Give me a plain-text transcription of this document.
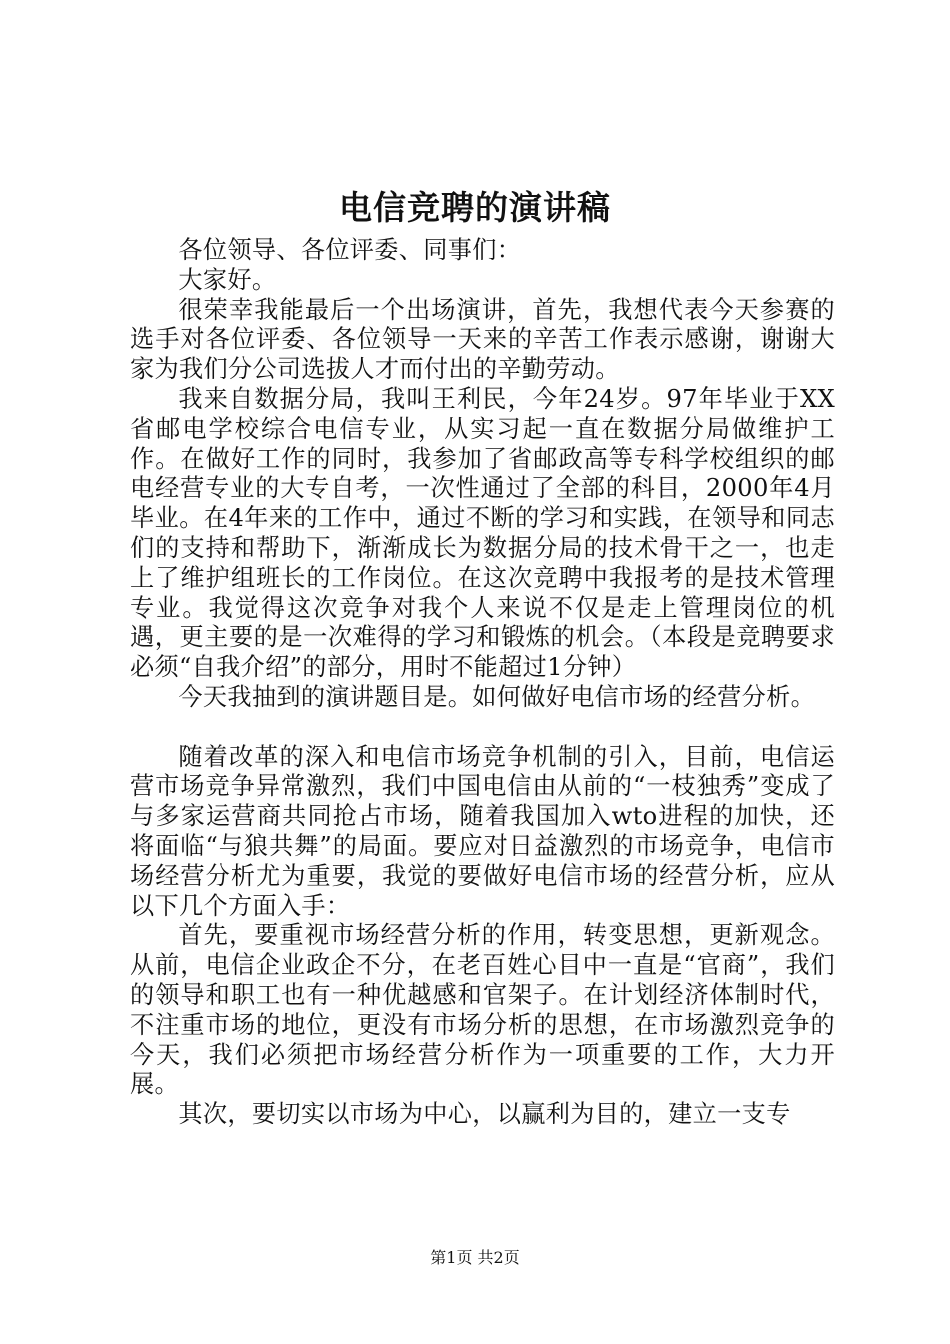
电信竞聘的演讲稿

各位领导、各位评委、同事们：

大家好。

很荣幸我能最后一个出场演讲，首先，我想代表今天参赛的选手对各位评委、各位领导一天来的辛苦工作表示感谢，谢谢大家为我们分公司选拔人才而付出的辛勤劳动。

我来自数据分局，我叫王利民，今年24岁。97年毕业于XX省邮电学校综合电信专业，从实习起一直在数据分局做维护工作。在做好工作的同时，我参加了省邮政高等专科学校组织的邮电经营专业的大专自考，一次性通过了全部的科目，2000年4月毕业。在4年来的工作中，通过不断的学习和实践，在领导和同志们的支持和帮助下，渐渐成长为数据分局的技术骨干之一，也走上了维护组班长的工作岗位。在这次竞聘中我报考的是技术管理专业。我觉得这次竞争对我个人来说不仅是走上管理岗位的机遇，更主要的是一次难得的学习和锻炼的机会。（本段是竞聘要求必须“自我介绍”的部分，用时不能超过1分钟）

今天我抽到的演讲题目是。如何做好电信市场的经营分析。

随着改革的深入和电信市场竞争机制的引入，目前，电信运营市场竞争异常激烈，我们中国电信由从前的“一枝独秀”变成了与多家运营商共同抢占市场，随着我国加入wto进程的加快，还将面临“与狼共舞”的局面。要应对日益激烈的市场竞争，电信市场经营分析尤为重要，我觉的要做好电信市场的经营分析，应从以下几个方面入手：

首先，要重视市场经营分析的作用，转变思想，更新观念。从前，电信企业政企不分，在老百姓心目中一直是“官商”，我们的领导和职工也有一种优越感和官架子。在计划经济体制时代，不注重市场的地位，更没有市场分析的思想，在市场激烈竞争的今天，我们必须把市场经营分析作为一项重要的工作，大力开展。

其次，要切实以市场为中心，以赢利为目的，建立一支专

第1页 共2页
